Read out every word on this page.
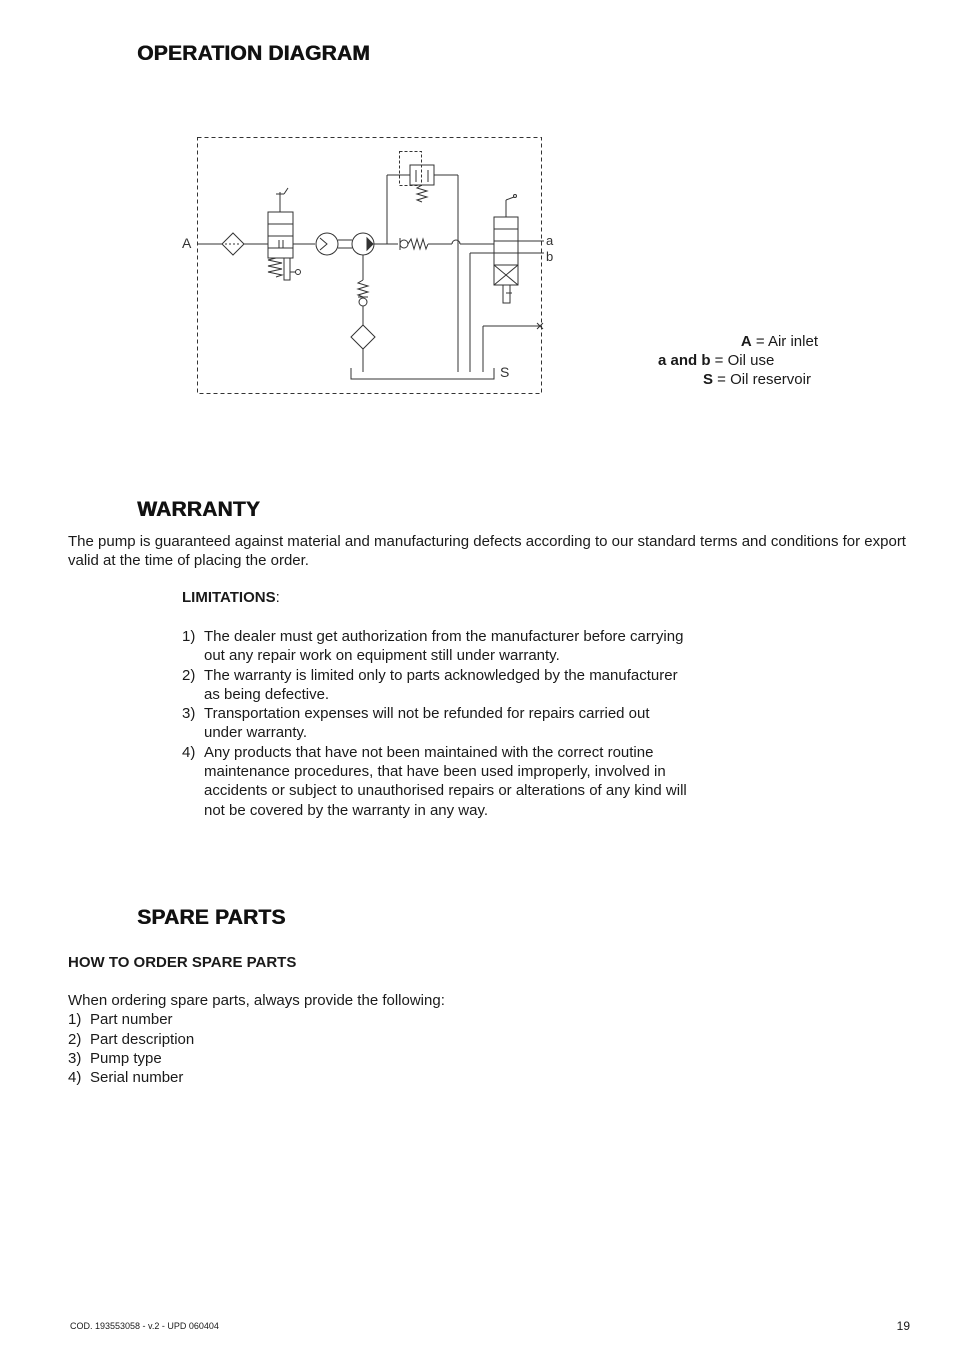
OPERATION DIAGRAM
A	a
b
S
A = Air inlet
a and b = Oil use
S = Oil reservoir
WARRANTY
The pump is guaranteed against material and manufacturing defects according to our standard terms and conditions for export valid at the time of placing the order.
LIMITATIONS:
1) The dealer must get authorization from the manufacturer before carrying out any repair work on equipment still under warranty.
2) The warranty is limited only to parts acknowledged by the manufacturer as being defective.
3) Transportation expenses will not be refunded for repairs carried out under warranty.
4) Any products that have not been maintained with the correct routine maintenance procedures, that have been used improperly, involved in accidents or subject to unauthorised repairs or alterations of any kind will not be covered by the warranty in any way.
SPARE PARTS
HOW TO ORDER SPARE PARTS
When ordering spare parts, always provide the following:
1) Part number
2) Part description
3) Pump type
4) Serial number
COD. 193553058 - v.2 - UPD 060404	19
